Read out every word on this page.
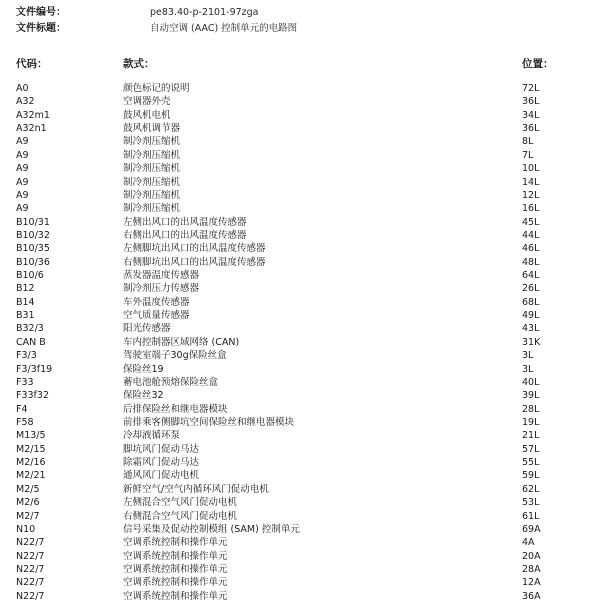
文件编号：	pe83.40-p-2101-97zga
文件标题：	自动空调 (AAC) 控制单元的电路图
代码：	款式：	位置：
A0	颜色标记的说明	72L
A32	空调器外壳	36L
A32m1	鼓风机电机	34L
A32n1	鼓风机调节器	36L
A9	制冷剂压缩机	8L
A9	制冷剂压缩机	7L
A9	制冷剂压缩机	10L
A9	制冷剂压缩机	14L
A9	制冷剂压缩机	12L
A9	制冷剂压缩机	16L
B10/31	左侧出风口的出风温度传感器	45L
B10/32	右侧出风口的出风温度传感器	44L
B10/35	左侧脚坑出风口的出风温度传感器	46L
B10/36	右侧脚坑出风口的出风温度传感器	48L
B10/6	蒸发器温度传感器	64L
B12	制冷剂压力传感器	26L
B14	车外温度传感器	68L
B31	空气质量传感器	49L
B32/3	阳光传感器	43L
CAN B	车内控制器区域网络 (CAN)	31K
F3/3	驾驶室端子30g保险丝盒	3L
F3/3f19	保险丝19	3L
F33	蓄电池舱预熔保险丝盒	40L
F33f32	保险丝32	39L
F4	后排保险丝和继电器模块	28L
F58	前排乘客侧脚坑空间保险丝和继电器模块	19L
M13/5	冷却液循环泵	21L
M2/15	脚坑风门促动马达	57L
M2/16	除霜风门促动马达	55L
M2/21	通风风门促动电机	59L
M2/5	新鲜空气/空气内循环风门促动电机	62L
M2/6	左侧混合空气风门促动电机	53L
M2/7	右侧混合空气风门促动电机	61L
N10	信号采集及促动控制模组 (SAM) 控制单元	69A
N22/7	空调系统控制和操作单元	4A
N22/7	空调系统控制和操作单元	20A
N22/7	空调系统控制和操作单元	28A
N22/7	空调系统控制和操作单元	12A
N22/7	空调系统控制和操作单元	36A
